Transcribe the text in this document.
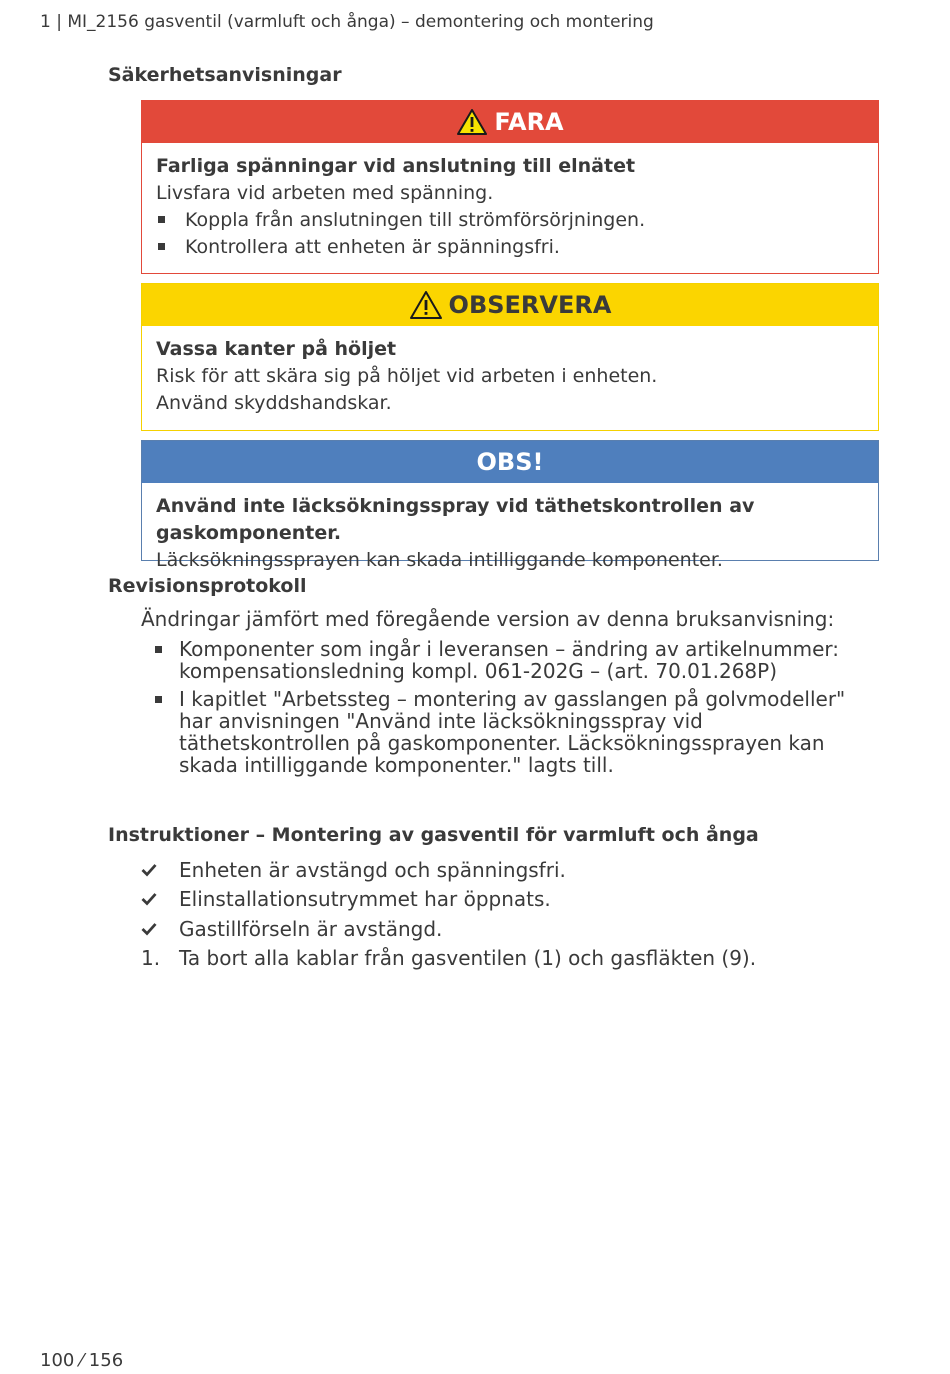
1 | MI_2156 gasventil (varmluft och ånga) – demontering och montering
Säkerhetsanvisningar
FARA
Farliga spänningar vid anslutning till elnätet
Livsfara vid arbeten med spänning.
Koppla från anslutningen till strömförsörjningen.
Kontrollera att enheten är spänningsfri.
OBSERVERA
Vassa kanter på höljet
Risk för att skära sig på höljet vid arbeten i enheten.
Använd skyddshandskar.
OBS!
Använd inte läcksökningsspray vid täthetskontrollen av gaskomponenter.
Läcksökningssprayen kan skada intilliggande komponenter.
Revisionsprotokoll
Ändringar jämfört med föregående version av denna bruksanvisning:
Komponenter som ingår i leveransen – ändring av artikelnummer: kompensationsledning kompl. 061-202G – (art. 70.01.268P)
I kapitlet "Arbetssteg – montering av gasslangen på golvmodeller" har anvisningen "Använd inte läcksökningsspray vid täthetskontrollen på gaskomponenter. Läcksökningssprayen kan skada intilliggande komponenter." lagts till.
Instruktioner – Montering av gasventil för varmluft och ånga
Enheten är avstängd och spänningsfri.
Elinstallationsutrymmet har öppnats.
Gastillförseln är avstängd.
1. Ta bort alla kablar från gasventilen (1) och gasfläkten (9).
100 ⁄ 156
